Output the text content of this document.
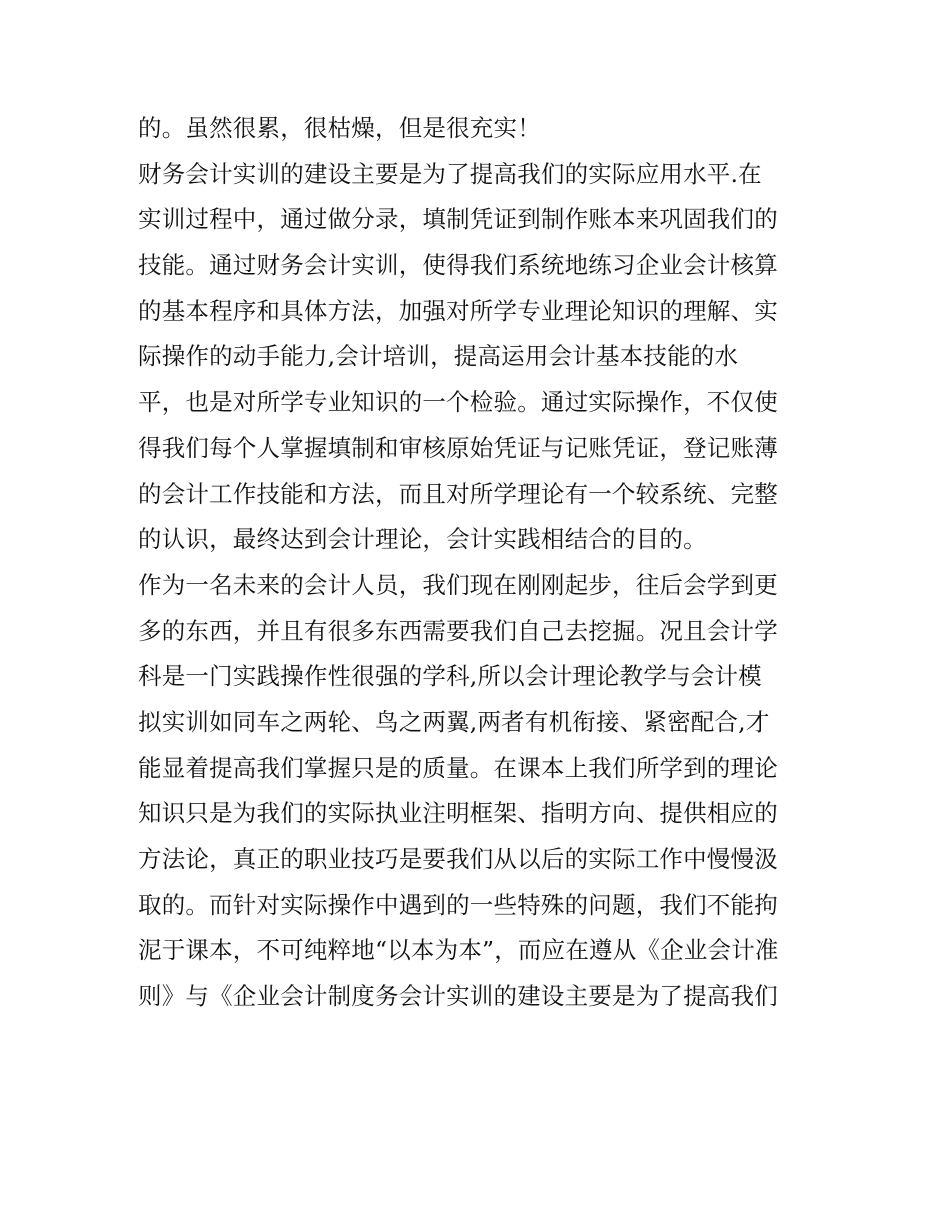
的。虽然很累，很枯燥，但是很充实！
财务会计实训的建设主要是为了提高我们的实际应用水平.在
实训过程中，通过做分录，填制凭证到制作账本来巩固我们的
技能。通过财务会计实训，使得我们系统地练习企业会计核算
的基本程序和具体方法，加强对所学专业理论知识的理解、实
际操作的动手能力,会计培训，提高运用会计基本技能的水
平，也是对所学专业知识的一个检验。通过实际操作，不仅使
得我们每个人掌握填制和审核原始凭证与记账凭证，登记账薄
的会计工作技能和方法，而且对所学理论有一个较系统、完整
的认识，最终达到会计理论，会计实践相结合的目的。
作为一名未来的会计人员，我们现在刚刚起步，往后会学到更
多的东西，并且有很多东西需要我们自己去挖掘。况且会计学
科是一门实践操作性很强的学科,所以会计理论教学与会计模
拟实训如同车之两轮、鸟之两翼,两者有机衔接、紧密配合,才
能显着提高我们掌握只是的质量。在课本上我们所学到的理论
知识只是为我们的实际执业注明框架、指明方向、提供相应的
方法论，真正的职业技巧是要我们从以后的实际工作中慢慢汲
取的。而针对实际操作中遇到的一些特殊的问题，我们不能拘
泥于课本，不可纯粹地“以本为本”，而应在遵从《企业会计准
则》与《企业会计制度务会计实训的建设主要是为了提高我们
